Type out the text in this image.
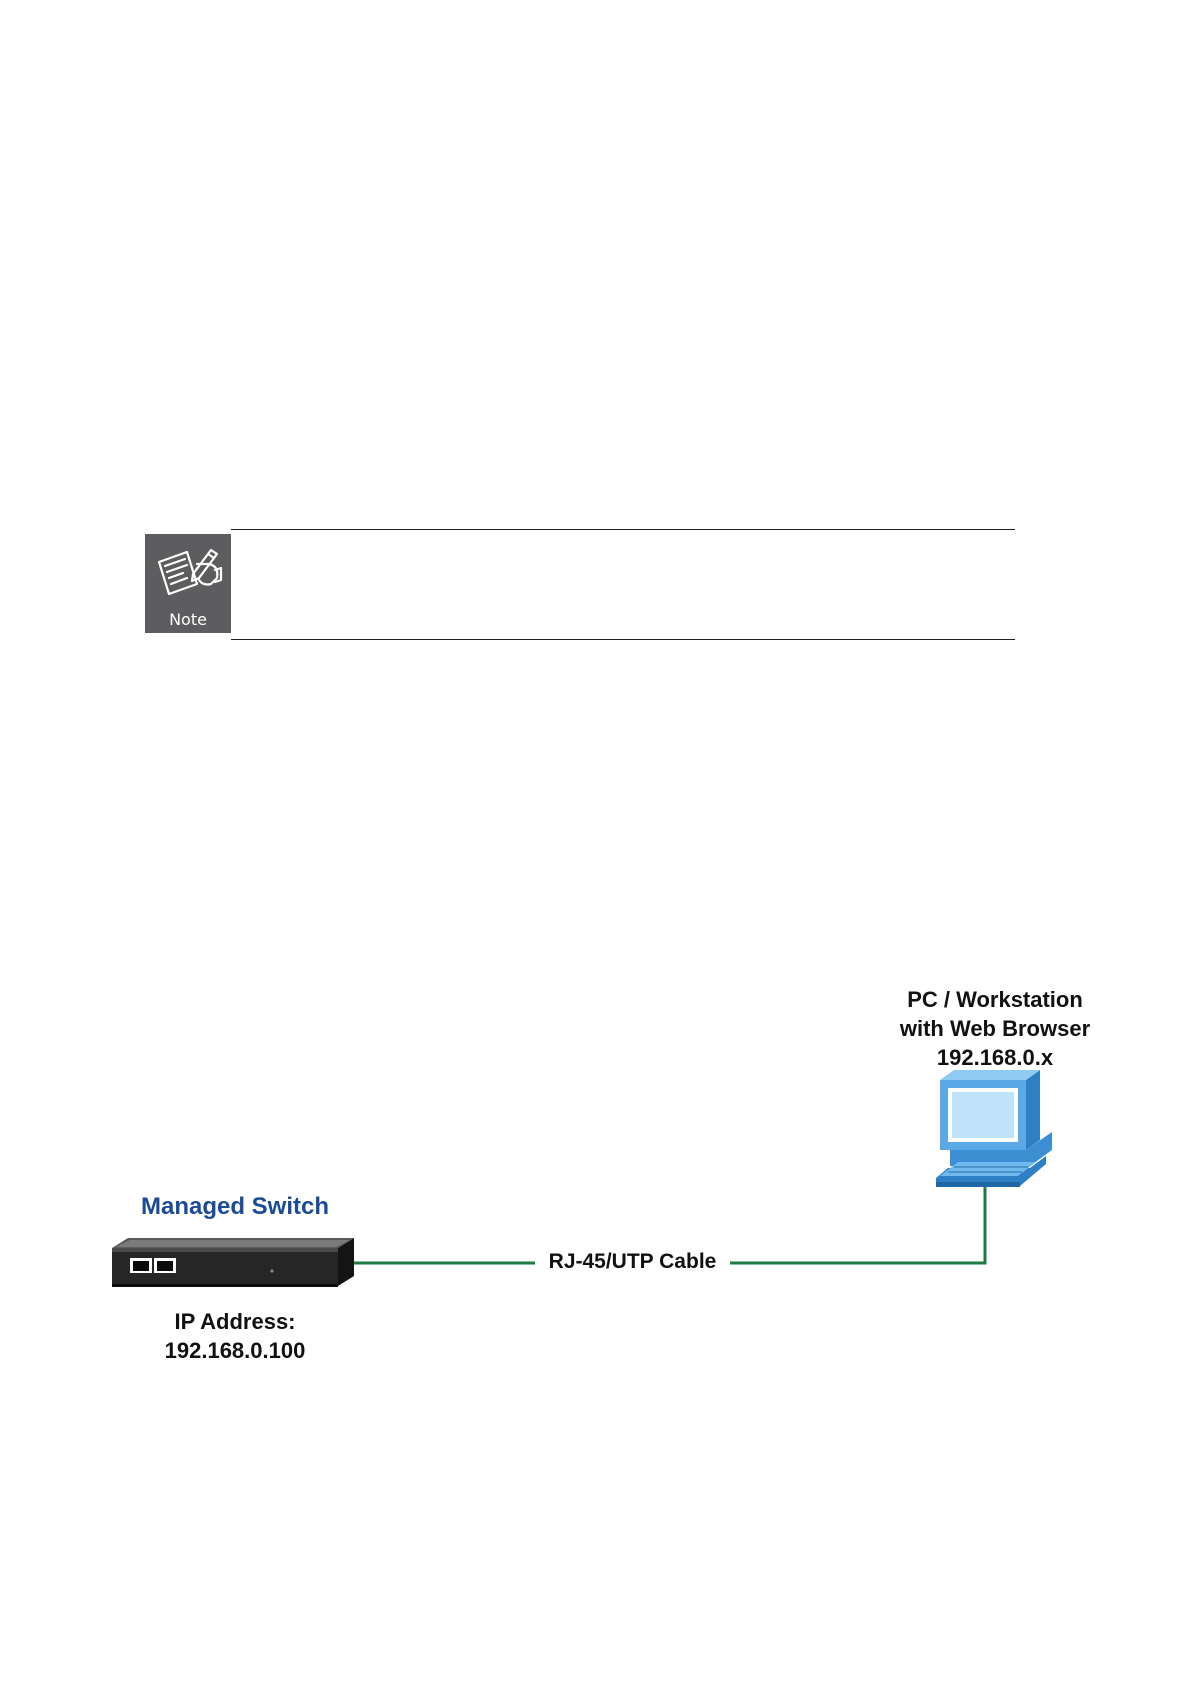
Note
PC / Workstation
with Web Browser
192.168.0.x
Managed Switch
RJ-45/UTP Cable
IP Address:
192.168.0.100
